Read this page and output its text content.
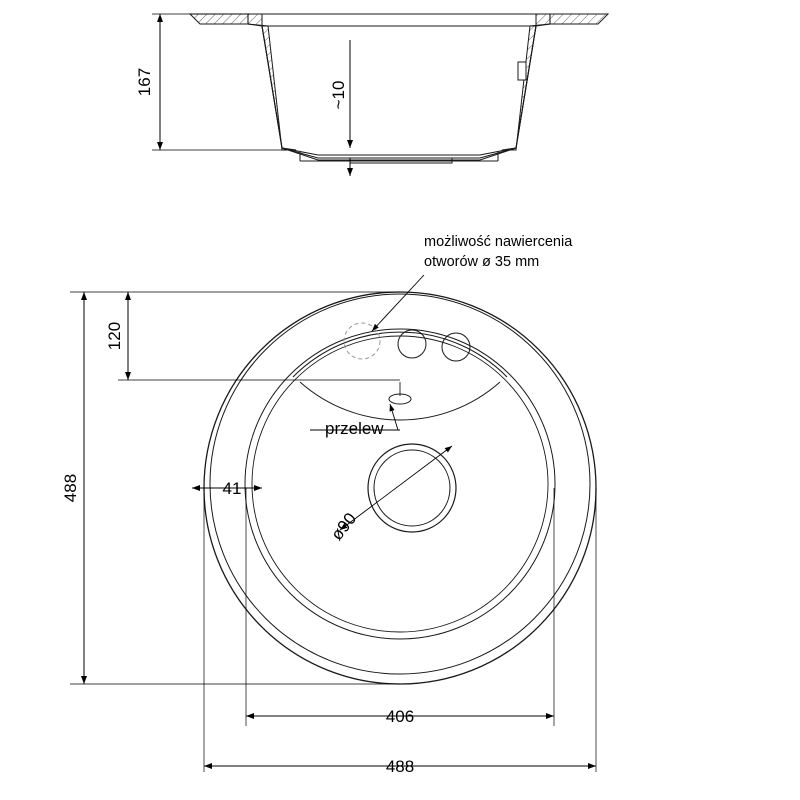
167	~10
ø90
przelew
możliwość nawiercenia
otworów ø 35 mm
120
488	41
406
488
